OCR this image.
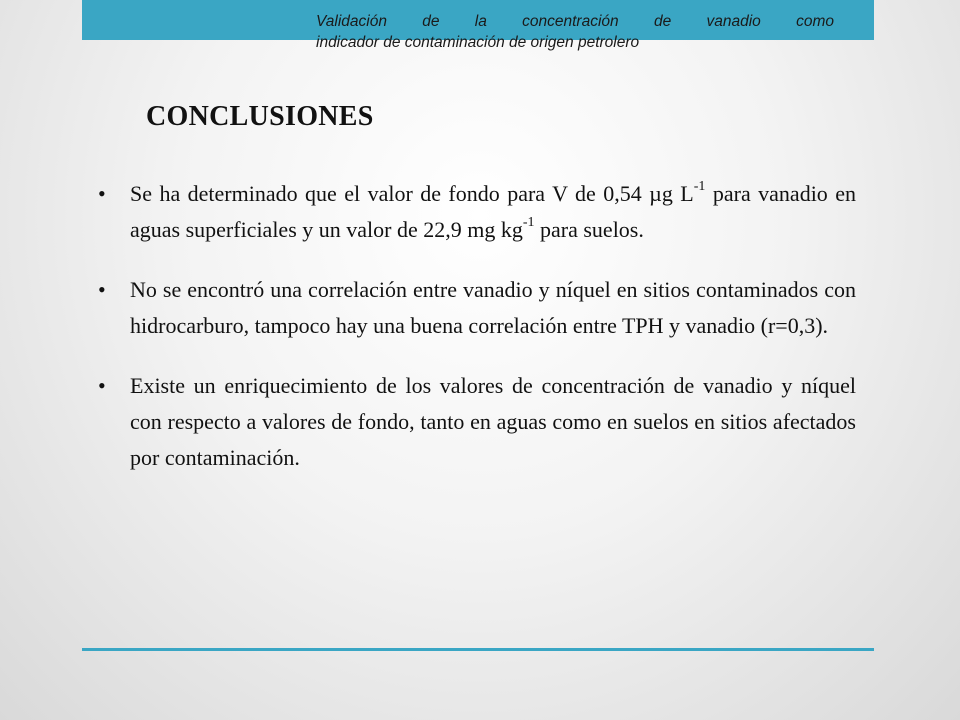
Validación de la concentración de vanadio como
indicador de contaminación de origen petrolero
CONCLUSIONES
• Se ha determinado que el valor de fondo para V de 0,54 µg $L^{-1}$ para vanadio en aguas superficiales y un valor de 22,9 mg $kg^{-1}$ para suelos.
• No se encontró una correlación entre vanadio y níquel en sitios contaminados con hidrocarburo, tampoco hay una buena correlación entre TPH y vanadio (r=0,3).
• Existe un enriquecimiento de los valores de concentración de vanadio y níquel con respecto a valores de fondo, tanto en aguas como en suelos en sitios afectados por contaminación.
